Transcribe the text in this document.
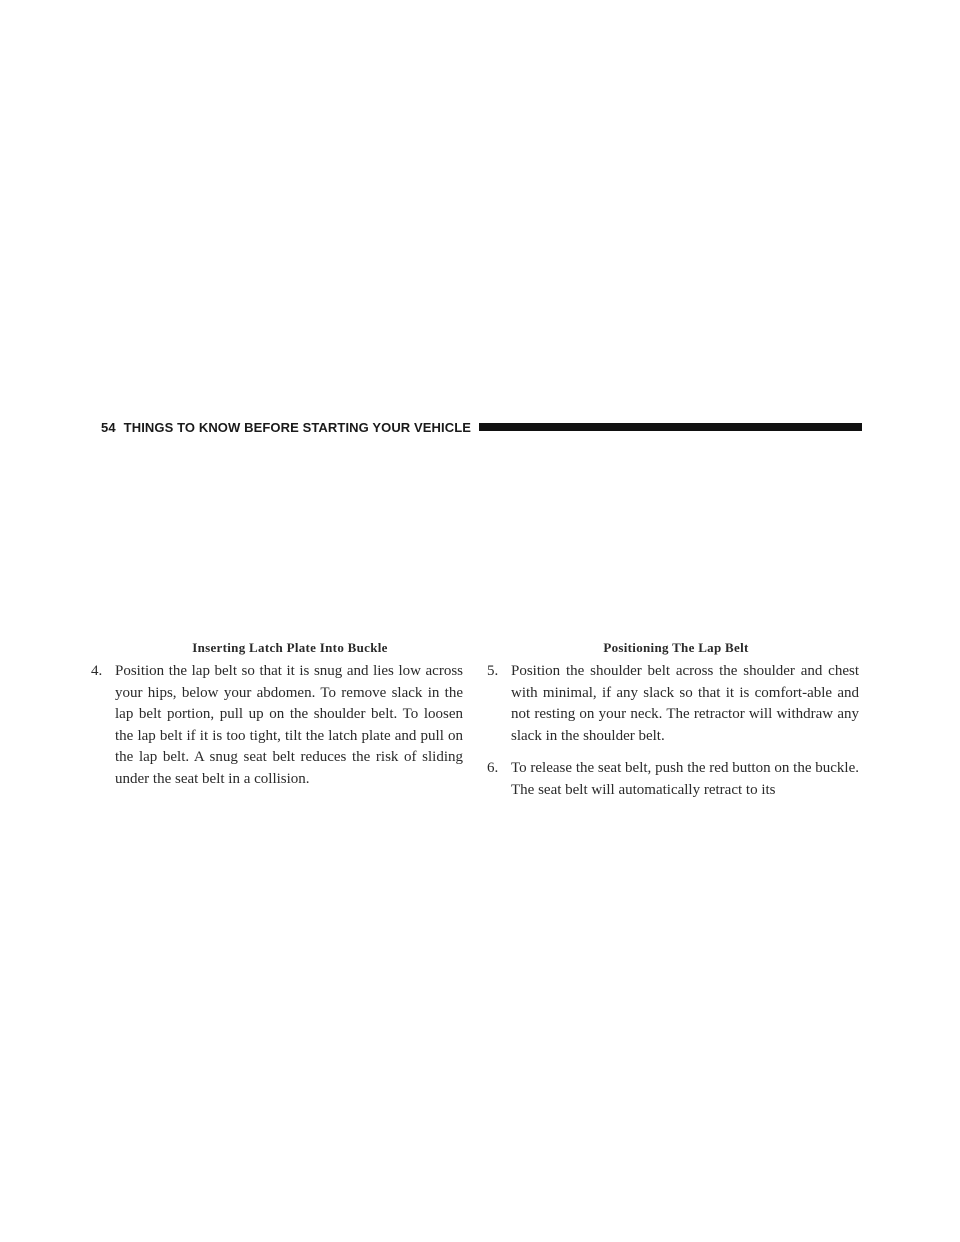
54 THINGS TO KNOW BEFORE STARTING YOUR VEHICLE
Inserting Latch Plate Into Buckle	Positioning The Lap Belt
4. Position the lap belt so that it is snug and lies low across your hips, below your abdomen. To remove slack in the lap belt portion, pull up on the shoulder belt. To loosen the lap belt if it is too tight, tilt the latch plate and pull on the lap belt. A snug seat belt reduces the risk of sliding under the seat belt in a collision.
5. Position the shoulder belt across the shoulder and chest with minimal, if any slack so that it is comfort-able and not resting on your neck. The retractor will withdraw any slack in the shoulder belt.
6. To release the seat belt, push the red button on the buckle. The seat belt will automatically retract to its
